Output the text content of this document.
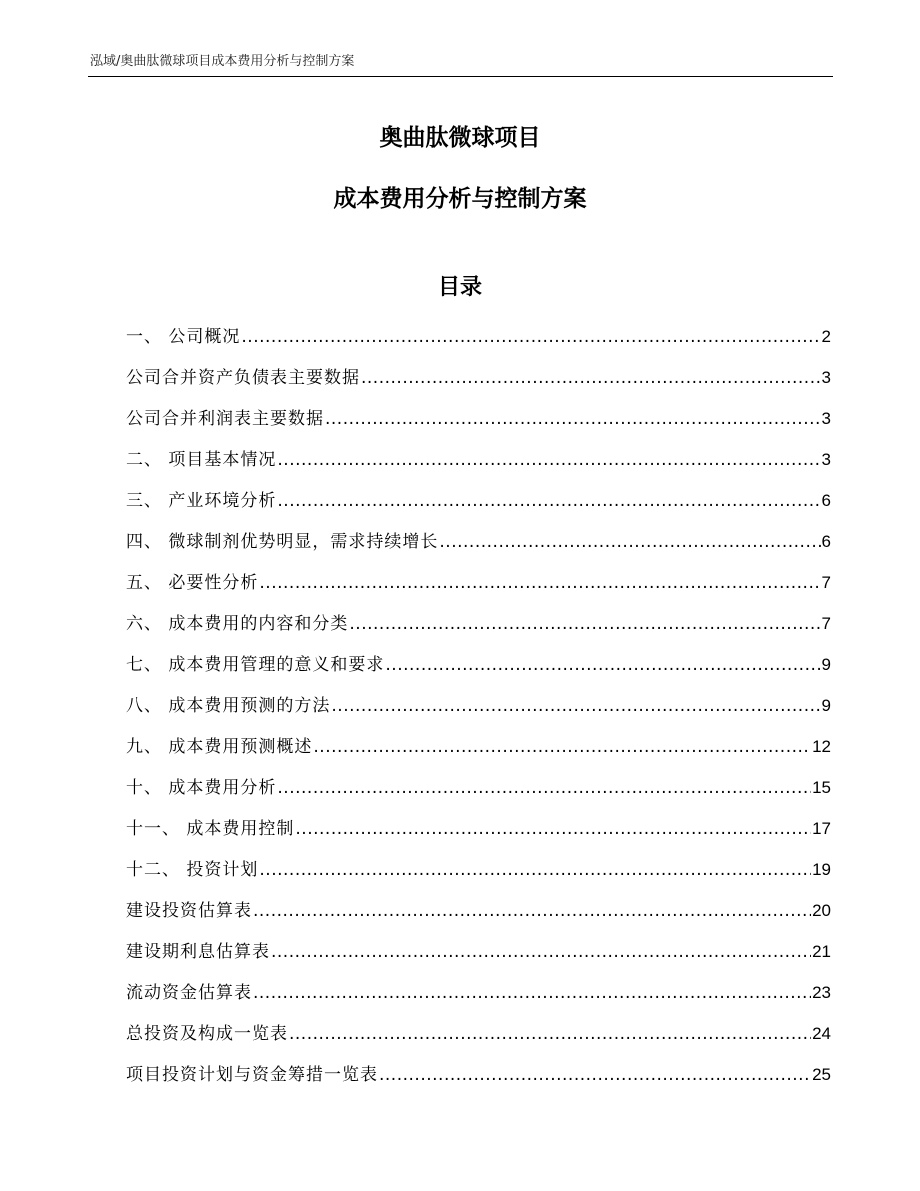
泓域/奥曲肽微球项目成本费用分析与控制方案
奥曲肽微球项目
成本费用分析与控制方案
目录
一、 公司概况 .....	2
公司合并资产负债表主要数据 .....	3
公司合并利润表主要数据 .....	3
二、 项目基本情况 .....	3
三、 产业环境分析 .....	6
四、 微球制剂优势明显，需求持续增长 .....	6
五、 必要性分析 .....	7
六、 成本费用的内容和分类 .....	7
七、 成本费用管理的意义和要求 .....	9
八、 成本费用预测的方法 .....	9
九、 成本费用预测概述 .....	12
十、 成本费用分析 .....	15
十一、 成本费用控制 .....	17
十二、 投资计划 .....	19
建设投资估算表 .....	20
建设期利息估算表 .....	21
流动资金估算表 .....	23
总投资及构成一览表 .....	24
项目投资计划与资金筹措一览表 .....	25
